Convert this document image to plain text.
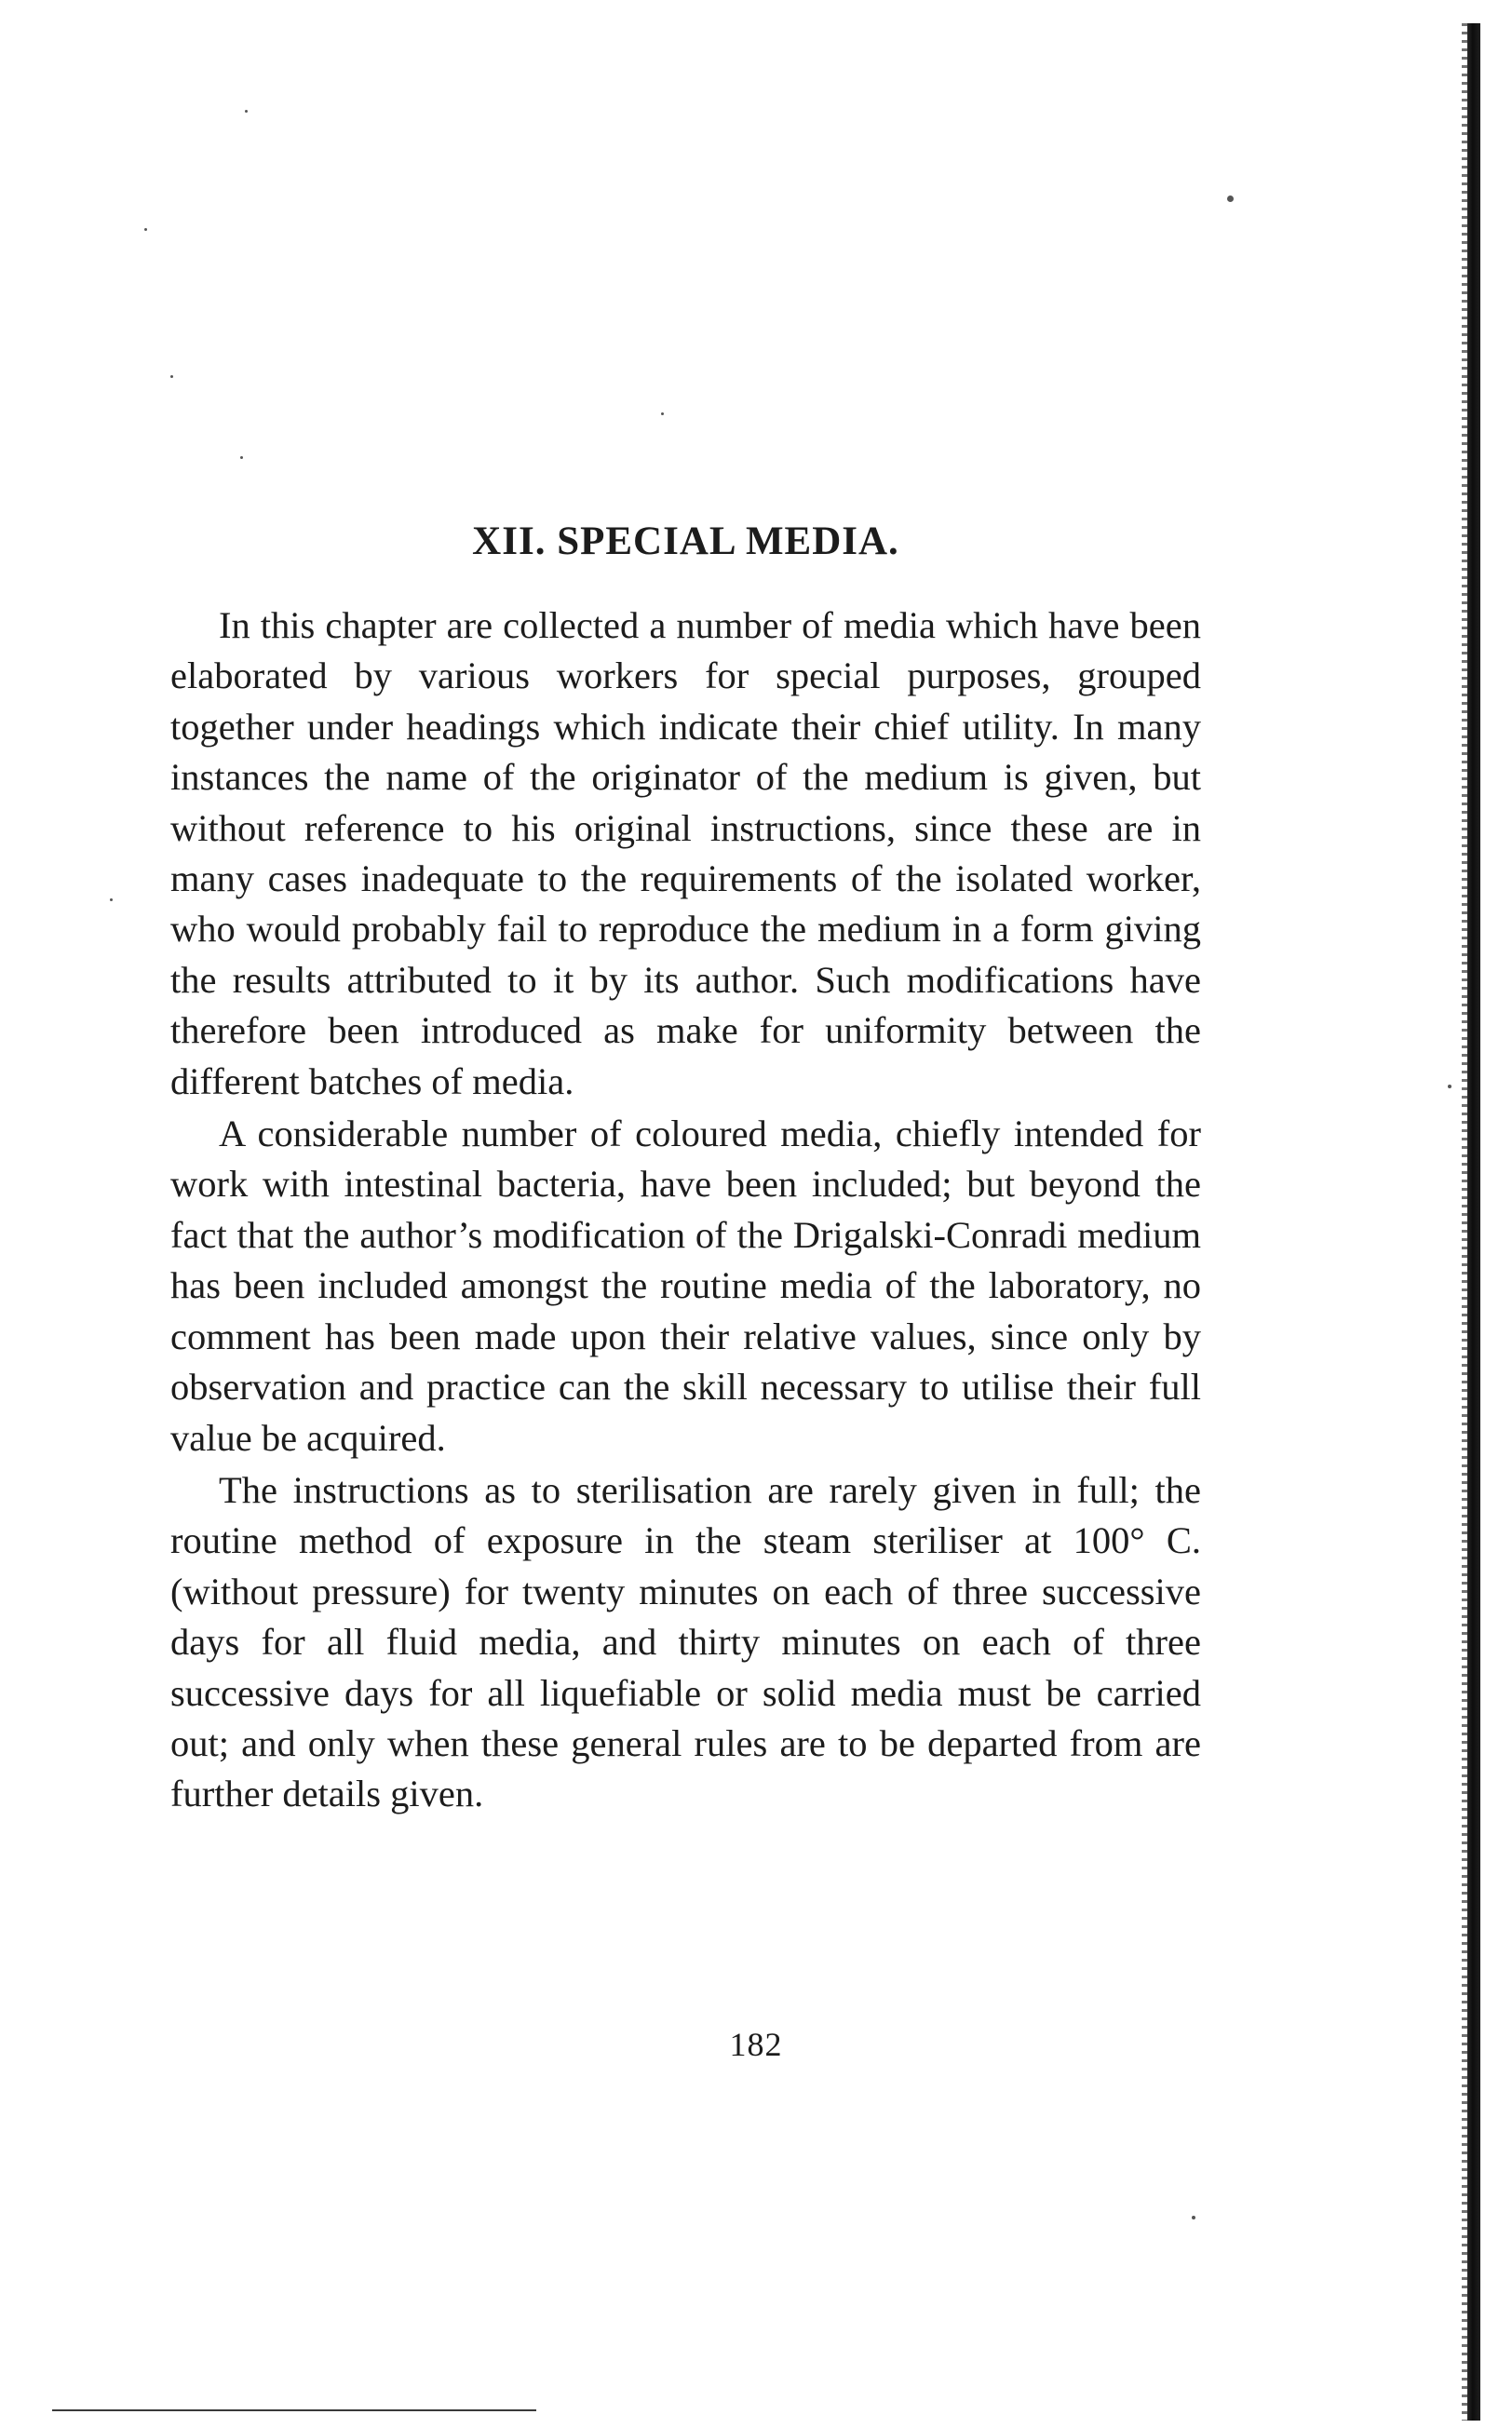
XII. SPECIAL MEDIA.

In this chapter are collected a number of media which have been elaborated by various workers for special purposes, grouped together under headings which indicate their chief utility. In many instances the name of the originator of the medium is given, but without reference to his original instructions, since these are in many cases inadequate to the requirements of the isolated worker, who would probably fail to reproduce the medium in a form giving the results attributed to it by its author. Such modifications have therefore been introduced as make for uniformity between the different batches of media.

A considerable number of coloured media, chiefly intended for work with intestinal bacteria, have been included; but beyond the fact that the author’s modification of the Drigalski-Conradi medium has been included amongst the routine media of the laboratory, no comment has been made upon their relative values, since only by observation and practice can the skill necessary to utilise their full value be acquired.

The instructions as to sterilisation are rarely given in full; the routine method of exposure in the steam steriliser at 100° C. (without pressure) for twenty minutes on each of three successive days for all fluid media, and thirty minutes on each of three successive days for all liquefiable or solid media must be carried out; and only when these general rules are to be departed from are further details given.

182
